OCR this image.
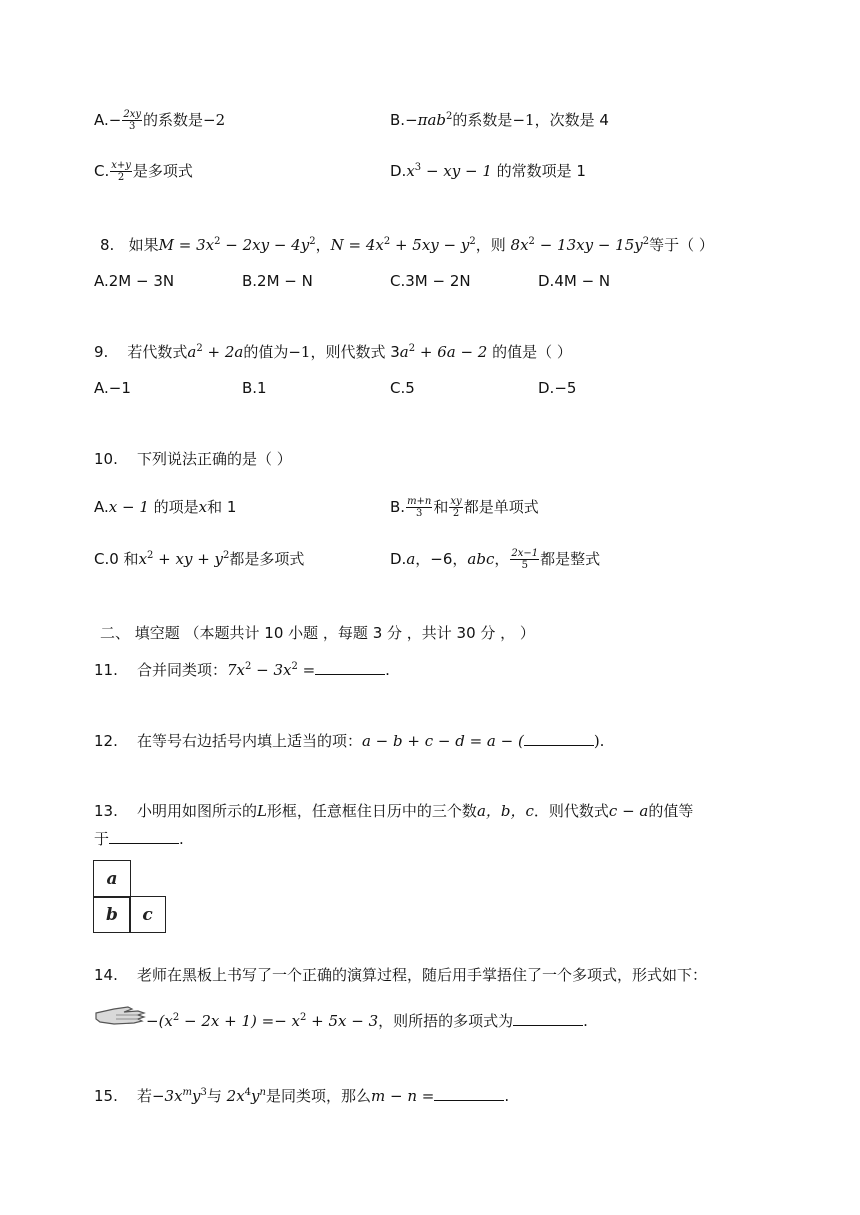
$A.- \frac{2xy}{3}$ 的系数是−2	B.−πab$^2$的系数是−1，次数是 4
C. $\frac{x+y}{2}$ 是多项式	$D.x^3$ − xy − 1 的常数项是 1
8. 如果$M = 3x^2 - 2xy - 4y^2$，$N = 4x^2 + 5xy - y^2$，则 $8x^2 - 13xy - 15y^2$等于（ ）
A.2M − 3N	B.2M − N	C.3M − 2N	D.4M − N
9. 若代数式$a^2 + 2a$的值为−1，则代数式 $3a^2 + 6a - 2$ 的值是（ ）
A.−1	B.1	C.5	D.−5
10. 下列说法正确的是（ ）
A.x − 1 的项是x和 1	B. $\frac{m+n}{3}$ 和 $\frac{xy}{2}$ 都是单项式
C.0 和$x^2$ + xy + $y^2$都是多项式	D.a，−6，abc， $\frac{2x-1}{5}$ 都是整式
二、 填空题 （本题共计 10 小题 ，每题 3 分 ，共计 30 分 ， ）
11. 合并同类项：$7x^2 - 3x^2$ =	.
12. 在等号右边括号内填上适当的项：a − b + c − d = a − (	).
13. 小明用如图所示的L形框，任意框住日历中的三个数a，b，c．则代数式c − a的值等
于	.
a
b	c
14. 老师在黑板上书写了一个正确的演算过程，随后用手掌捂住了一个多项式，形式如下：
$-(x^2 - 2x + 1) =- x^2 + 5x - 3$，则所捂的多项式为	.
15. 若$-3x^my^3$与 $2x^4y^n$是同类项，那么m − n =	.
